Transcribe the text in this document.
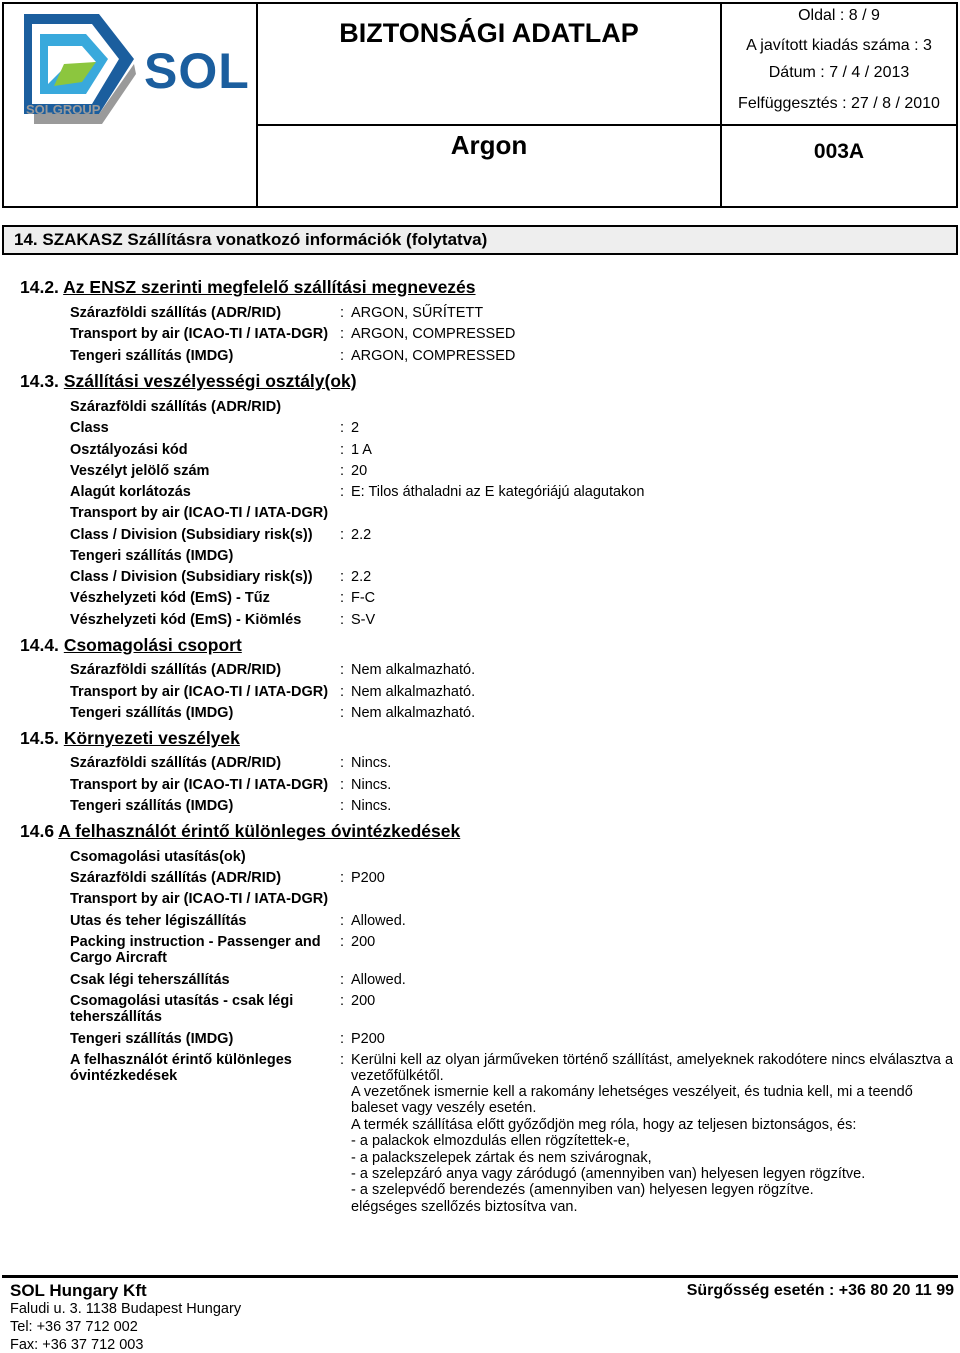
SOL
SOLGROUP
BIZTONSÁGI ADATLAP
Argon
Oldal : 8 / 9
A javított kiadás száma : 3
Dátum : 7 / 4 / 2013
Felfüggesztés : 27 / 8 / 2010
003A
14. SZAKASZ Szállításra vonatkozó információk (folytatva)
14.2. Az ENSZ szerinti megfelelő szállítási megnevezés
Szárazföldi szállítás (ADR/RID)	: ARGON, SŰRÍTETT
Transport by air (ICAO-TI / IATA-DGR) : ARGON, COMPRESSED
Tengeri szállítás (IMDG)	: ARGON, COMPRESSED
14.3. Szállítási veszélyességi osztály(ok)
Szárazföldi szállítás (ADR/RID)
Class	: 2
Osztályozási kód	: 1 A
Veszélyt jelölő szám	: 20
Alagút korlátozás	: E: Tilos áthaladni az E kategóriájú alagutakon
Transport by air (ICAO-TI / IATA-DGR)
Class / Division (Subsidiary risk(s)) : 2.2
Tengeri szállítás (IMDG)
Class / Division (Subsidiary risk(s)) : 2.2
Vészhelyzeti kód (EmS) - Tűz	: F-C
Vészhelyzeti kód (EmS) - Kiömlés	: S-V
14.4. Csomagolási csoport
Szárazföldi szállítás (ADR/RID)	: Nem alkalmazható.
Transport by air (ICAO-TI / IATA-DGR) : Nem alkalmazható.
Tengeri szállítás (IMDG)	: Nem alkalmazható.
14.5. Környezeti veszélyek
Szárazföldi szállítás (ADR/RID)	: Nincs.
Transport by air (ICAO-TI / IATA-DGR) : Nincs.
Tengeri szállítás (IMDG)	: Nincs.
14.6 A felhasználót érintő különleges óvintézkedések
Csomagolási utasítás(ok)
Szárazföldi szállítás (ADR/RID)	: P200
Transport by air (ICAO-TI / IATA-DGR)
Utas és teher légiszállítás	: Allowed.
Packing instruction - Passenger and
Cargo Aircraft
: 200
Csak légi teherszállítás	: Allowed.
Csomagolási utasítás - csak légi
teherszállítás
: 200
Tengeri szállítás (IMDG)	: P200
A felhasználót érintő különleges
óvintézkedések
: Kerülni kell az olyan járműveken történő szállítást, amelyeknek rakodótere nincs elválasztva a
vezetőfülkétől.
A vezetőnek ismernie kell a rakomány lehetséges veszélyeit, és tudnia kell, mi a teendő
baleset vagy veszély esetén.
A termék szállítása előtt győződjön meg róla, hogy az teljesen biztonságos, és:
- a palackok elmozdulás ellen rögzítettek-e,
- a palackszelepek zártak és nem szivárognak,
- a szelepzáró anya vagy záródugó (amennyiben van) helyesen legyen rögzítve.
- a szelepvédő berendezés (amennyiben van) helyesen legyen rögzítve.
elégséges szellőzés biztosítva van.
SOL Hungary Kft
Faludi u. 3. 1138 Budapest Hungary
Tel: +36 37 712 002
Fax: +36 37 712 003
Sürgősség esetén : +36 80 20 11 99
